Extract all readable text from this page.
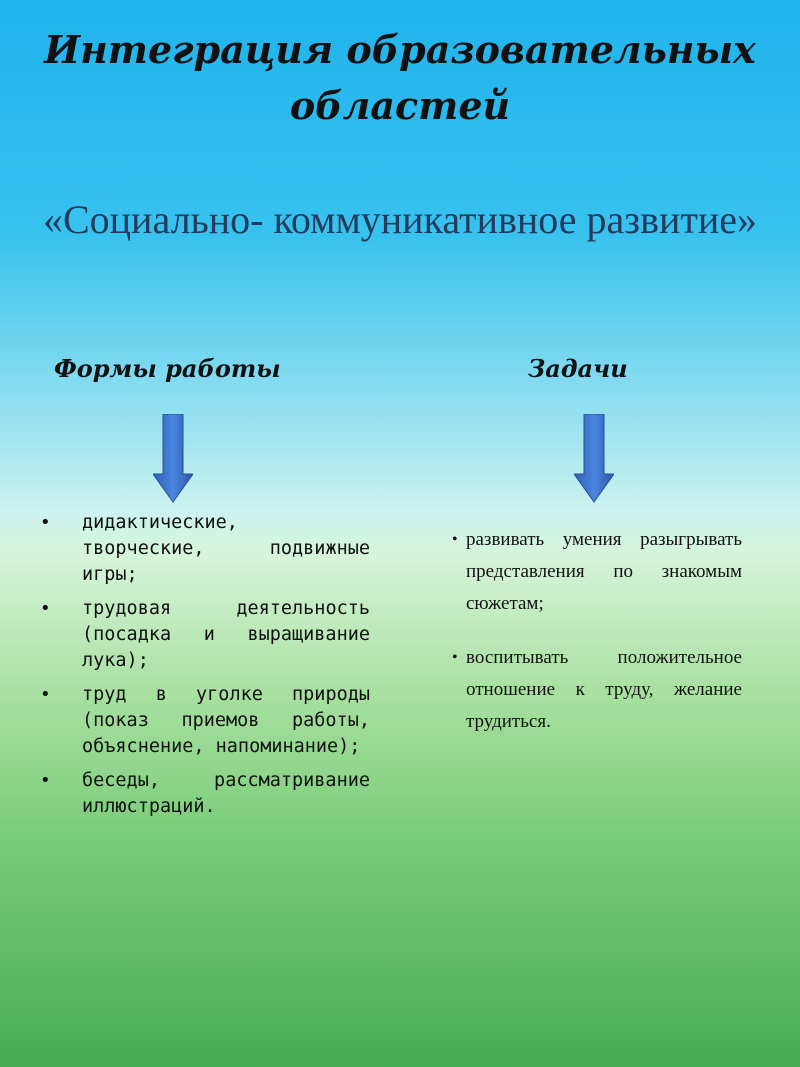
Интеграция образовательных областей
«Социально- коммуникативное развитие»
Формы работы	Задачи
• дидактические, творческие, подвижные игры;
• трудовая деятельность (посадка и выращивание лука);
• труд в уголке природы (показ приемов работы, объяснение, напоминание);
• беседы, рассматривание иллюстраций.
• развивать умения разыгрывать представления по знакомым сюжетам;
• воспитывать положительное отношение к труду, желание трудиться.
